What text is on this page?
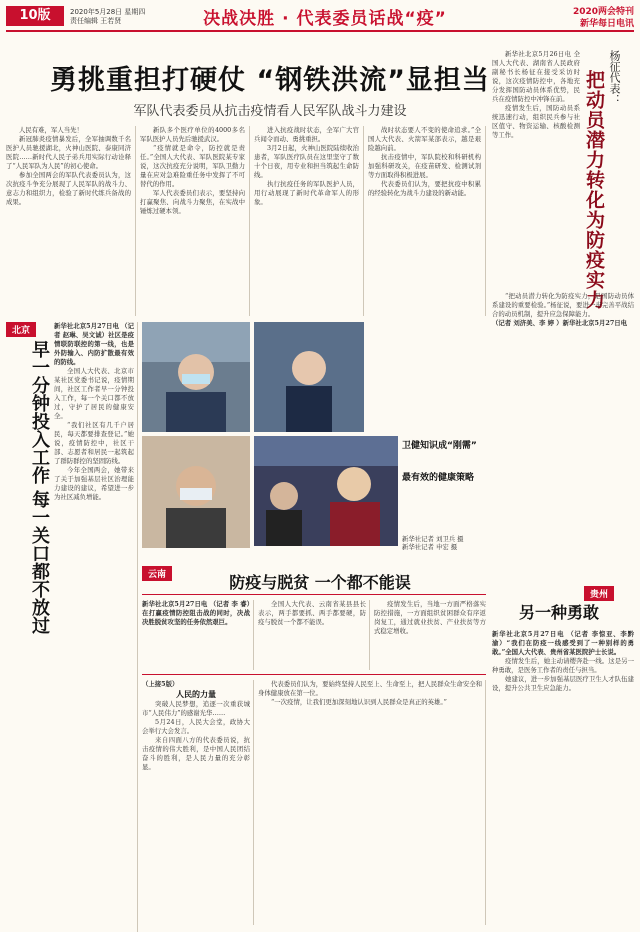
10版	2020年5月28日 星期四
责任编辑 王若贤	决战决胜 · 代表委员话战“疫”	2020两会特刊
新华每日电讯
勇挑重担打硬仗 “钢铁洪流”显担当
军队代表委员从抗击疫情看人民军队战斗力建设

人民有难，军人当先！

新冠肺炎疫情暴发后，全军抽调数千名医护人员驰援湖北，火神山医院、泰康同济医院……新时代人民子弟兵用实际行动诠释了“人民军队为人民”的初心使命。

参加全国两会的军队代表委员认为，这次抗疫斗争充分展现了人民军队的战斗力、意志力和组织力，检验了新时代练兵备战的成果。

新队多个医疗单位的4000多名军队医护人员先后驰援武汉。

“疫情就是命令，防控就是责任。”全国人大代表、军队医院某专家说，这次抗疫充分说明，军队卫勤力量在应对急难险重任务中发挥了不可替代的作用。

军人代表委员们表示，要坚持向打赢聚焦、向战斗力聚焦，在实战中锤炼过硬本领。

进入抗疫战时状态，全军广大官兵闻令而动、勇挑重担。

3月2日起，火神山医院陆续收治患者，军队医疗队员在这里坚守了数十个日夜，用专业和担当筑起生命防线。

执行抗疫任务的军队医护人员，用行动展现了新时代革命军人的形象。

战时状态要人不变的使命追求。”全国人大代表、火箭军某部表示，越是艰险越向前。

抗击疫情中，军队院校和科研机构加强科研攻关，在疫苗研发、检测试剂等方面取得积极进展。

代表委员们认为，要把抗疫中积累的经验转化为战斗力建设的新动能。

杨征代表：
把动员潜力转化为防疫实力

新华社北京5月26日电 全国人大代表、湖南省人民政府副秘书长杨征在接受采访时说，这次疫情防控中，各地充分发挥国防动员体系优势，民兵在疫情防控中冲锋在前。

疫情发生后，国防动员系统迅速行动，组织民兵参与社区值守、物资运输、核酸检测等工作。

“把动员潜力转化为防疫实力，是国防动员体系建设的重要检验。”杨征说，要进一步完善平战结合的动员机制，提升应急保障能力。

（记者 刘济美、李 婷 ）新华社北京5月27日电

北京
早一分钟投入工作 每一关口都不放过

新华社北京5月27日电 （记者 赵琳、吴文诚）社区是疫情联防联控的第一线，也是外防输入、内防扩散最有效的防线。

全国人大代表、北京市某社区党委书记说，疫情期间，社区工作者早一分钟投入工作，每一个关口都不放过，守护了居民的健康安全。

“我们社区有几千户居民，每天都要排查登记。”她说，疫情防控中，社区干部、志愿者和居民一起筑起了群防群控的坚固防线。

今年全国两会，她带来了关于加强基层社区治理能力建设的建议，希望进一步为社区减负增能。

卫健知识成“刚需”
新华社记者 刘卫兵 摄
最有效的健康策略
新华社记者 申宏 摄
云南	防疫与脱贫 一个都不能误

新华社北京5月27日电 （记者 李 睿）在打赢疫情防控阻击战的同时，决战决胜脱贫攻坚的任务依然艰巨。

全国人大代表、云南省某县县长表示，两手都要抓、两手都要硬，防疫与脱贫一个都不能误。

疫情发生后，当地一方面严格落实防控措施，一方面组织贫困群众有序返岗复工，通过就业扶贫、产业扶贫等方式稳定增收。

（上接5版）

人民的力量

突破人民梦想，追逐一次重获城市“人民伟力”的感谢光华……

5月24日，人民大会堂，政协大会举行大会发言。

来自四面八方的代表委员说，抗击疫情的伟大胜利，是中国人民团结奋斗的胜利，是人民力量的充分彰显。

代表委员们认为，要始终坚持人民至上、生命至上，把人民群众生命安全和身体健康放在第一位。

“一次疫情，让我们更加深刻地认识到人民群众是真正的英雄。”

贵州
另一种勇敢

新华社北京5月27日电 （记者 李惊亚、李黔渝）“我们在防疫一线感受到了一种别样的勇敢。”全国人大代表、贵州省某医院护士长说。

疫情发生后，她主动请缨奔赴一线。这是另一种勇敢，是医务工作者的责任与担当。

她建议，进一步加强基层医疗卫生人才队伍建设，提升公共卫生应急能力。
